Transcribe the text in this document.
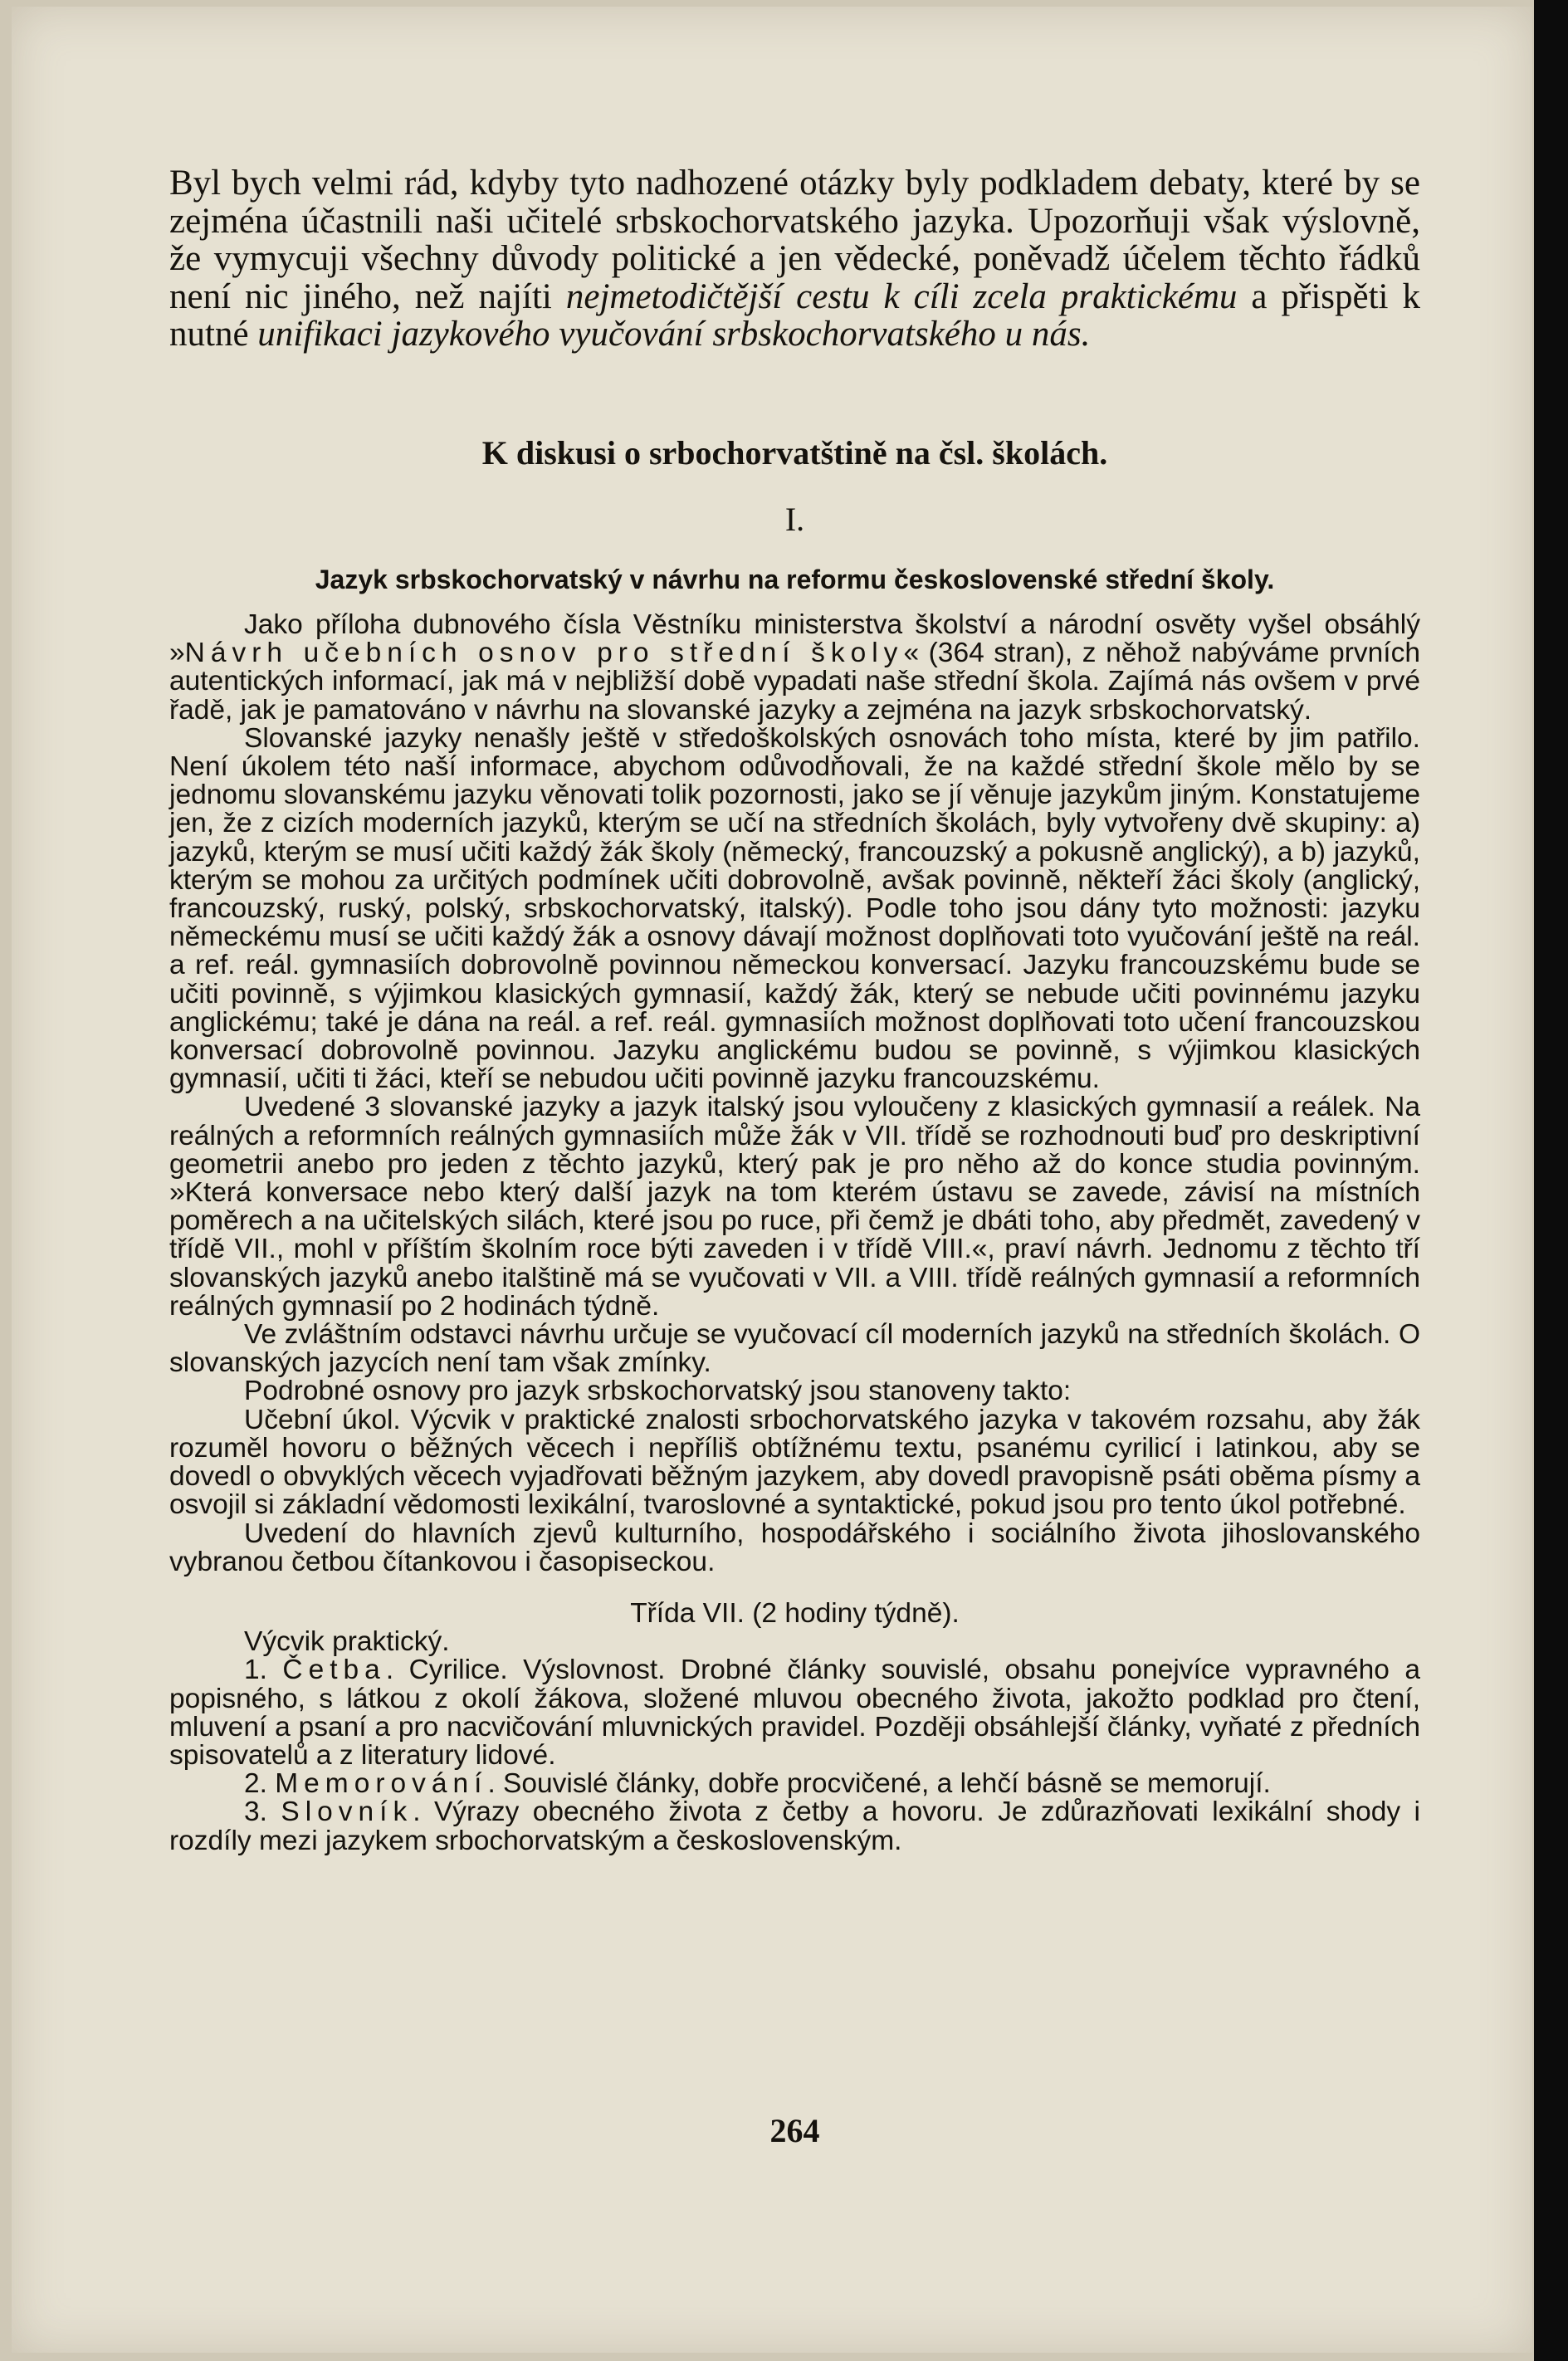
Byl bych velmi rád, kdyby tyto nadhozené otázky byly podkladem debaty, které by se zejména účastnili naši učitelé srbskochorvatského jazyka. Upozorňuji však výslovně, že vymycuji všechny důvody politické a jen vědecké, poněvadž účelem těchto řádků není nic jiného, než najíti nejmetodičtější cestu k cíli zcela praktickému a přispěti k nutné unifikaci jazykového vyučování srbskochorvatského u nás.

K diskusi o srbochorvatštině na čsl. školách.
I.
Jazyk srbskochorvatský v návrhu na reformu československé střední školy.

Jako příloha dubnového čísla Věstníku ministerstva školství a národní osvěty vyšel obsáhlý »Návrh učebních osnov pro střední školy« (364 stran), z něhož nabýváme prvních autentických informací, jak má v nejbližší době vypadati naše střední škola. Zajímá nás ovšem v prvé řadě, jak je pamatováno v návrhu na slovanské jazyky a zejména na jazyk srbskochorvatský.

Slovanské jazyky nenašly ještě v středoškolských osnovách toho místa, které by jim patřilo. Není úkolem této naší informace, abychom odůvodňovali, že na každé střední škole mělo by se jednomu slovanskému jazyku věnovati tolik pozornosti, jako se jí věnuje jazykům jiným. Konstatujeme jen, že z cizích moderních jazyků, kterým se učí na středních školách, byly vytvořeny dvě skupiny: a) jazyků, kterým se musí učiti každý žák školy (německý, francouzský a pokusně anglický), a b) jazyků, kterým se mohou za určitých podmínek učiti dobrovolně, avšak povinně, někteří žáci školy (anglický, francouzský, ruský, polský, srbskochorvatský, italský). Podle toho jsou dány tyto možnosti: jazyku německému musí se učiti každý žák a osnovy dávají možnost doplňovati toto vyučování ještě na reál. a ref. reál. gymnasiích dobrovolně povinnou německou konversací. Jazyku francouzskému bude se učiti povinně, s výjimkou klasických gymnasií, každý žák, který se nebude učiti povinnému jazyku anglickému; také je dána na reál. a ref. reál. gymnasiích možnost doplňovati toto učení francouzskou konversací dobrovolně povinnou. Jazyku anglickému budou se povinně, s výjimkou klasických gymnasií, učiti ti žáci, kteří se nebudou učiti povinně jazyku francouzskému.

Uvedené 3 slovanské jazyky a jazyk italský jsou vyloučeny z klasických gymnasií a reálek. Na reálných a reformních reálných gymnasiích může žák v VII. třídě se rozhodnouti buď pro deskriptivní geometrii anebo pro jeden z těchto jazyků, který pak je pro něho až do konce studia povinným. »Která konversace nebo který další jazyk na tom kterém ústavu se zavede, závisí na místních poměrech a na učitelských silách, které jsou po ruce, při čemž je dbáti toho, aby předmět, zavedený v třídě VII., mohl v příštím školním roce býti zaveden i v třídě VIII.«, praví návrh. Jednomu z těchto tří slovanských jazyků anebo italštině má se vyučovati v VII. a VIII. třídě reálných gymnasií a reformních reálných gymnasií po 2 hodinách týdně.

Ve zvláštním odstavci návrhu určuje se vyučovací cíl moderních jazyků na středních školách. O slovanských jazycích není tam však zmínky.

Podrobné osnovy pro jazyk srbskochorvatský jsou stanoveny takto:

Učební úkol. Výcvik v praktické znalosti srbochorvatského jazyka v takovém rozsahu, aby žák rozuměl hovoru o běžných věcech i nepříliš obtížnému textu, psanému cyrilicí i latinkou, aby se dovedl o obvyklých věcech vyjadřovati běžným jazykem, aby dovedl pravopisně psáti oběma písmy a osvojil si základní vědomosti lexikální, tvaroslovné a syntaktické, pokud jsou pro tento úkol potřebné.

Uvedení do hlavních zjevů kulturního, hospodářského i sociálního života jihoslovanského vybranou četbou čítankovou i časopiseckou.

Třída VII. (2 hodiny týdně).

Výcvik praktický.

1. Četba. Cyrilice. Výslovnost. Drobné články souvislé, obsahu ponejvíce vypravného a popisného, s látkou z okolí žákova, složené mluvou obecného života, jakožto podklad pro čtení, mluvení a psaní a pro nacvičování mluvnických pravidel. Později obsáhlejší články, vyňaté z předních spisovatelů a z literatury lidové.

2. Memorování. Souvislé články, dobře procvičené, a lehčí básně se memorují.

3. Slovník. Výrazy obecného života z četby a hovoru. Je zdůrazňovati lexikální shody i rozdíly mezi jazykem srbochorvatským a československým.

264
